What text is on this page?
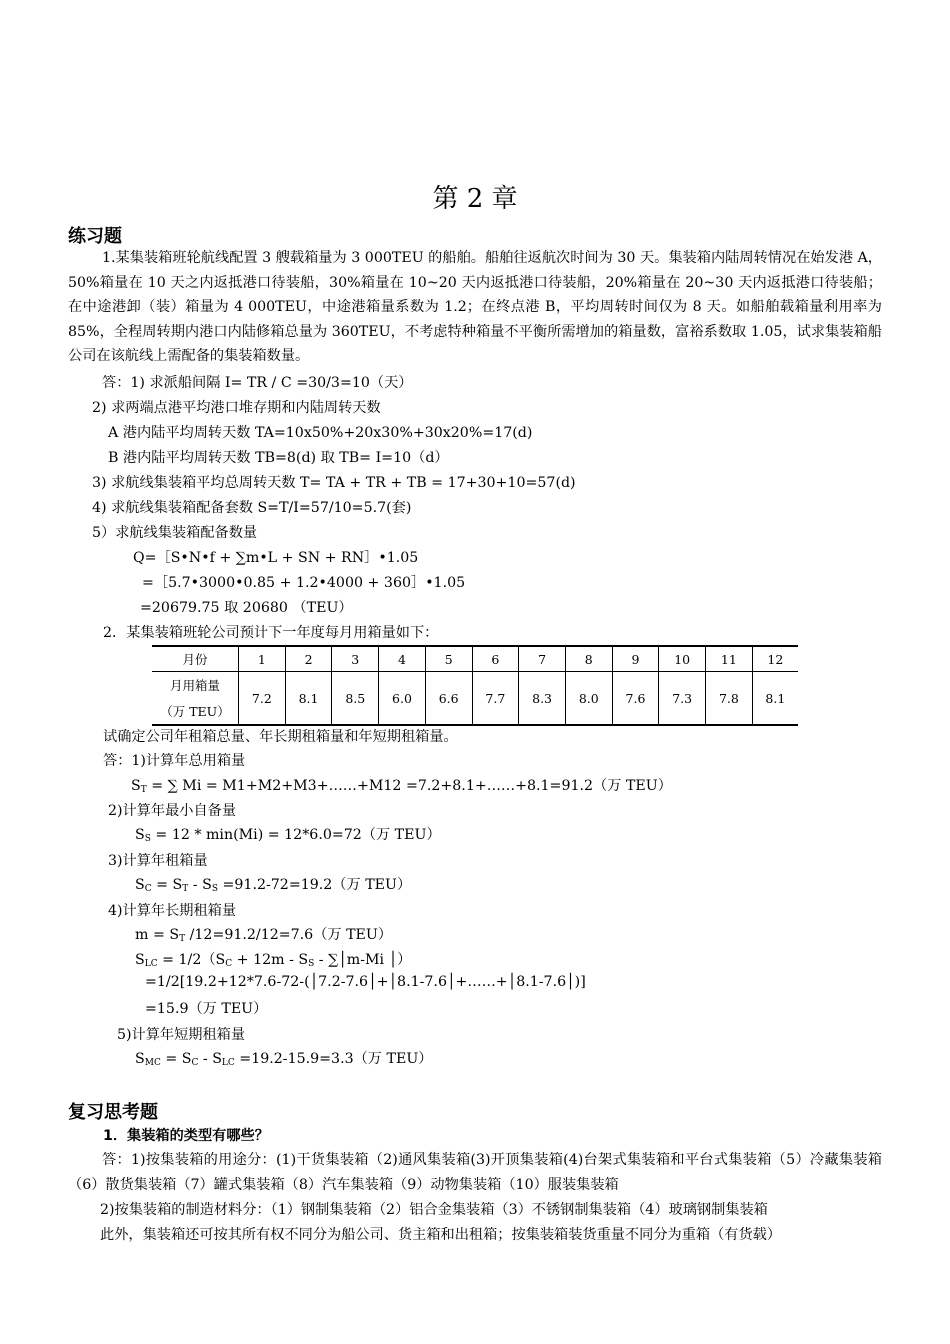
第 2 章
练习题
1.某集装箱班轮航线配置 3 艘载箱量为 3 000TEU 的船舶。船舶往返航次时间为 30 天。集装箱内陆周转情况在始发港 A，50%箱量在 10 天之内返抵港口待装船，30%箱量在 10~20 天内返抵港口待装船，20%箱量在 20~30 天内返抵港口待装船；在中途港卸（装）箱量为 4 000TEU，中途港箱量系数为 1.2；在终点港 B，平均周转时间仅为 8 天。如船舶载箱量利用率为 85%，全程周转期内港口内陆修箱总量为 360TEU，不考虑特种箱量不平衡所需增加的箱量数，富裕系数取 1.05，试求集装箱船公司在该航线上需配备的集装箱数量。
答：1) 求派船间隔 I= TR / C =30/3=10（天）
2) 求两端点港平均港口堆存期和内陆周转天数
A 港内陆平均周转天数 TA=10x50%+20x30%+30x20%=17(d)
B 港内陆平均周转天数 TB=8(d) 取 TB= I=10（d）
3) 求航线集装箱平均总周转天数 T= TA + TR + TB = 17+30+10=57(d)
4) 求航线集装箱配备套数 S=T/I=57/10=5.7(套)
5）求航线集装箱配备数量
Q=［S•N•f + ∑m•L + SN + RN］•1.05
=［5.7•3000•0.85 + 1.2•4000 + 360］•1.05
=20679.75 取 20680 （TEU）
2．某集装箱班轮公司预计下一年度每月用箱量如下：
月份	1	2	3	4	5	6	7	8	9	10	11	12

月用箱量
（万 TEU）	7.2	8.1	8.5	6.0	6.6	7.7	8.3	8.0	7.6	7.3	7.8	8.1
试确定公司年租箱总量、年长期租箱量和年短期租箱量。
答：1)计算年总用箱量
$S_T$ = ∑ Mi = M1+M2+M3+……+M12 =7.2+8.1+……+8.1=91.2（万 TEU）
2)计算年最小自备量
$S_S = 12 * \min(Mi) = 12*6.0=72$（万 TEU）
3)计算年租箱量
$S_C = S_T - S_S =91.2-72=19.2$（万 TEU）
4)计算年长期租箱量
$m = S_T$ /12=91.2/12=7.6（万 TEU）
$S_{LC} = 1/2(S_C + 12m - S_S$ - ∑│m-Mi │）
=1/2[19.2+12*7.6-72-(│7.2-7.6│+│8.1-7.6│+……+│8.1-7.6│)]
=15.9（万 TEU）
5)计算年短期租箱量
$S_{MC} = S_C - S_{LC} =19.2-15.9=3.3$（万 TEU）
复习思考题
1．集装箱的类型有哪些？
答：1)按集装箱的用途分：(1)干货集装箱（2)通风集装箱(3)开顶集装箱(4)台架式集装箱和平台式集装箱（5）冷藏集装箱（6）散货集装箱（7）罐式集装箱（8）汽车集装箱（9）动物集装箱（10）服装集装箱
2)按集装箱的制造材料分：（1）钢制集装箱（2）铝合金集装箱（3）不锈钢制集装箱（4）玻璃钢制集装箱
此外，集装箱还可按其所有权不同分为船公司、货主箱和出租箱；按集装箱装货重量不同分为重箱（有货载）
